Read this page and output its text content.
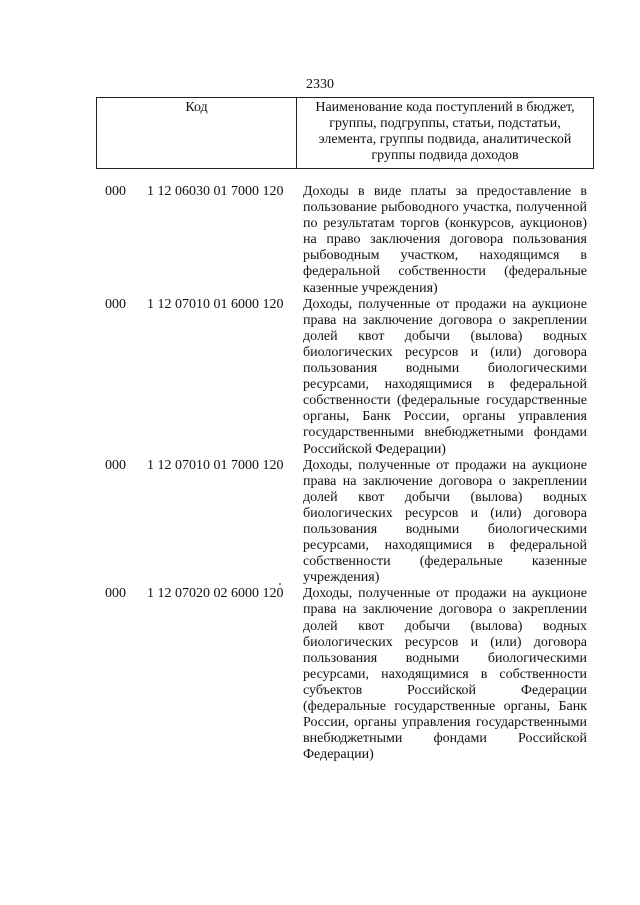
2330
Код	Наименование кода поступлений в бюджет, группы, подгруппы, статьи, подстатьи, элемента, группы подвида, аналитической группы подвида доходов
000 1 12 06030 01 7000 120 Доходы в виде платы за предоставление в пользование рыбоводного участка, полученной по результатам торгов (конкурсов, аукционов) на право заключения договора пользования рыбоводным участком, находящимся в федеральной собственности (федеральные казенные учреждения)
000 1 12 07010 01 6000 120 Доходы, полученные от продажи на аукционе права на заключение договора о закреплении долей квот добычи (вылова) водных биологических ресурсов и (или) договора пользования водными биологическими ресурсами, находящимися в федеральной собственности (федеральные государственные органы, Банк России, органы управления государственными внебюджетными фондами Российской Федерации)
000 1 12 07010 01 7000 120 Доходы, полученные от продажи на аукционе права на заключение договора о закреплении долей квот добычи (вылова) водных биологических ресурсов и (или) договора пользования водными биологическими ресурсами, находящимися в федеральной собственности (федеральные казенные учреждения)
000 1 12 07020 02 6000 120 Доходы, полученные от продажи на аукционе права на заключение договора о закреплении долей квот добычи (вылова) водных биологических ресурсов и (или) договора пользования водными биологическими ресурсами, находящимися в собственности субъектов Российской Федерации (федеральные государственные органы, Банк России, органы управления государственными внебюджетными фондами Российской Федерации)
